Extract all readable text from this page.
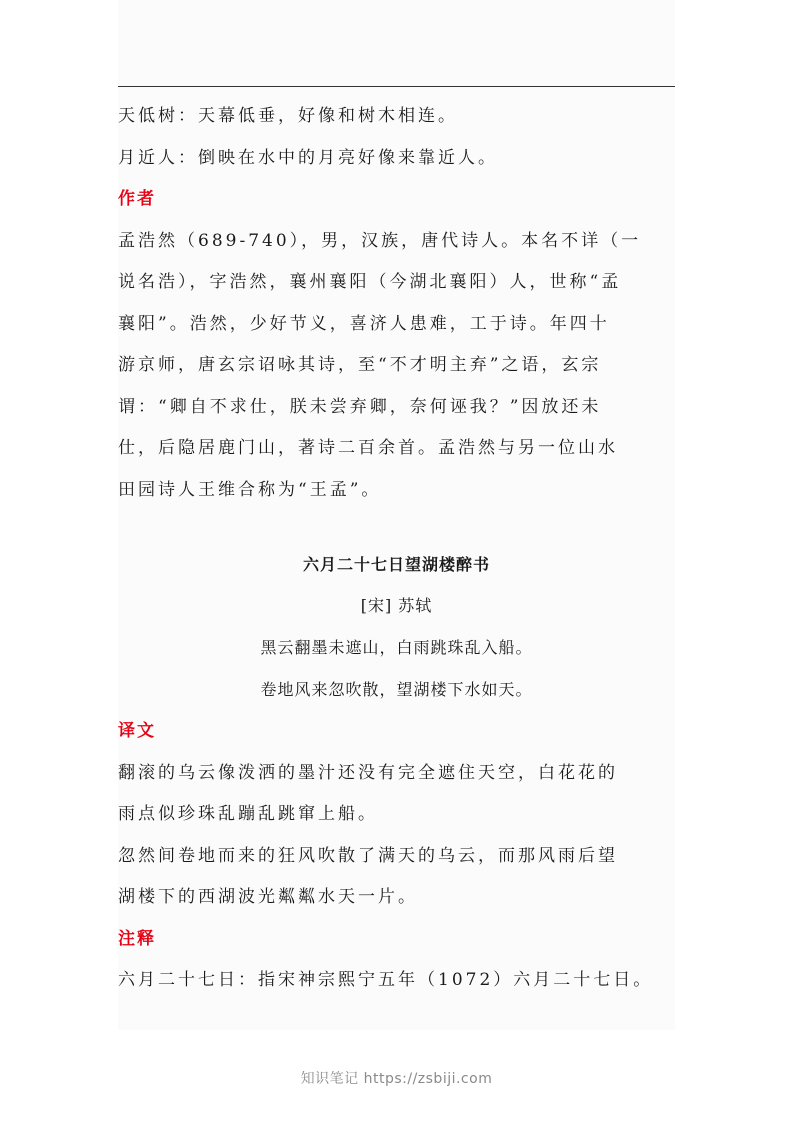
天低树：天幕低垂，好像和树木相连。

月近人：倒映在水中的月亮好像来靠近人。

作者

孟浩然（689-740），男，汉族，唐代诗人。本名不详（一

说名浩），字浩然，襄州襄阳（今湖北襄阳）人，世称“孟

襄阳”。浩然，少好节义，喜济人患难，工于诗。年四十

游京师，唐玄宗诏咏其诗，至“不才明主弃”之语，玄宗

谓：“卿自不求仕，朕未尝弃卿，奈何诬我？”因放还未

仕，后隐居鹿门山，著诗二百余首。孟浩然与另一位山水

田园诗人王维合称为“王孟”。

六月二十七日望湖楼醉书

[宋] 苏轼

黑云翻墨未遮山，白雨跳珠乱入船。

卷地风来忽吹散，望湖楼下水如天。

译文

翻滚的乌云像泼洒的墨汁还没有完全遮住天空，白花花的

雨点似珍珠乱蹦乱跳窜上船。

忽然间卷地而来的狂风吹散了满天的乌云，而那风雨后望

湖楼下的西湖波光粼粼水天一片。

注释

六月二十七日：指宋神宗熙宁五年（1072）六月二十七日。

知识笔记 https://zsbiji.com
